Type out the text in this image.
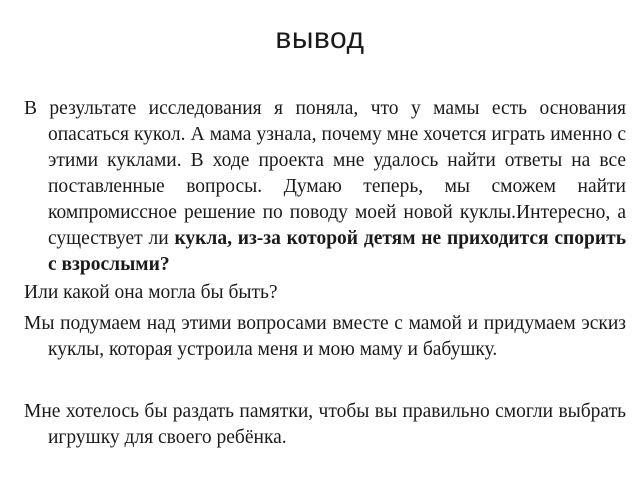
вывод

В результате исследования я поняла, что у мамы есть основания опасаться кукол. А мама узнала, почему мне хочется играть именно с этими куклами. В ходе проекта мне удалось найти ответы на все поставленные вопросы. Думаю теперь, мы сможем найти компромиссное решение по поводу моей новой куклы.Интересно, а существует ли кукла, из-за которой детям не приходится спорить с взрослыми?

Или какой она могла бы быть?

Мы подумаем над этими вопросами вместе с мамой и придумаем эскиз куклы, которая устроила меня и мою маму и бабушку.

Мне хотелось бы раздать памятки, чтобы вы правильно смогли выбрать игрушку для своего ребёнка.
